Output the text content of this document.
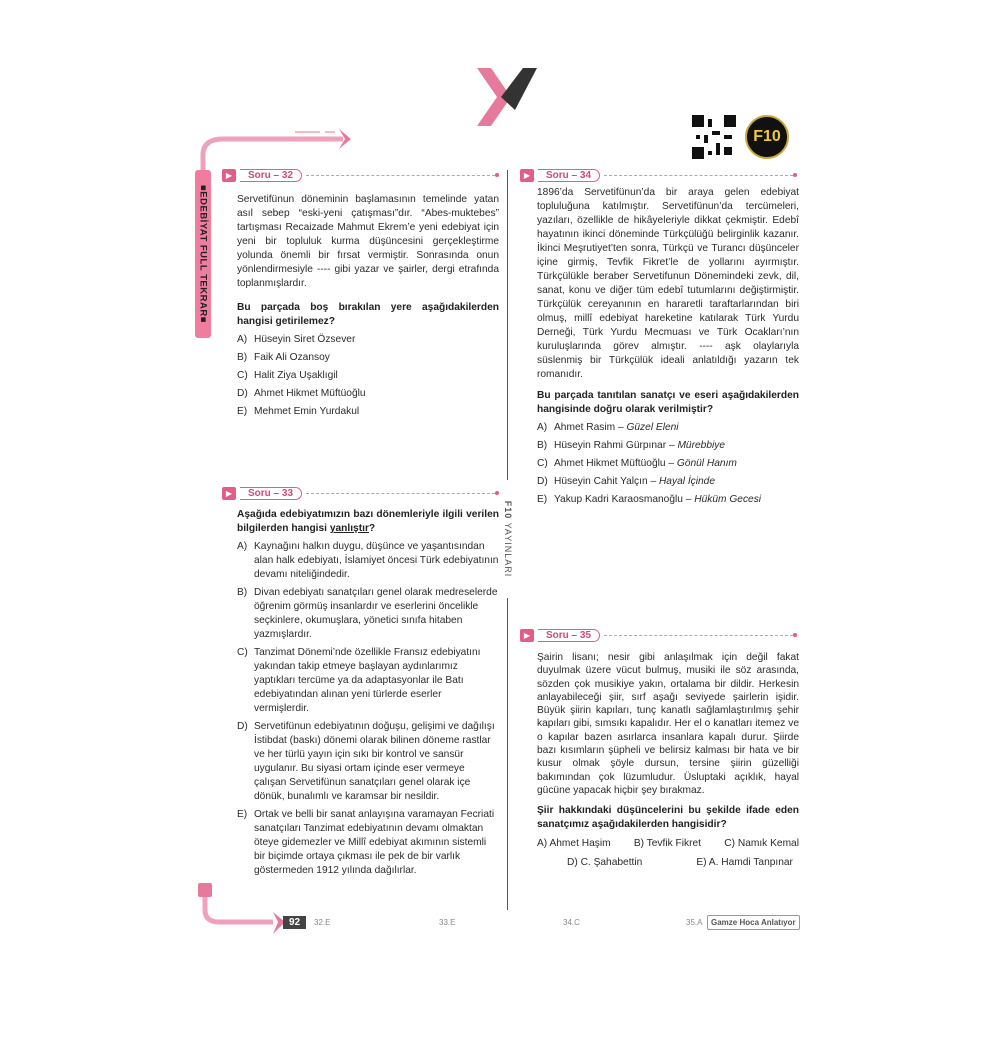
F10
■EDEBİYAT FULL TEKRAR■
F10 YAYINLARI
▶	Soru – 32
Servetifünun döneminin başlamasının temelinde yatan asıl sebep “eski-yeni çatışması”dır. “Abes-muktebes” tartışması Recaizade Mahmut Ekrem’e yeni edebiyat için yeni bir topluluk kurma düşüncesini gerçekleştirme yolunda önemli bir fırsat vermiştir. Sonrasında onun yönlendirmesiyle ---- gibi yazar ve şairler, dergi etrafında toplanmışlardır.
Bu parçada boş bırakılan yere aşağıdakilerden hangisi getirilemez?
A) Hüseyin Siret Özsever
B) Faik Ali Ozansoy
C) Halit Ziya Uşaklıgil
D) Ahmet Hikmet Müftüoğlu
E) Mehmet Emin Yurdakul
▶	Soru – 33
Aşağıda edebiyatımızın bazı dönemleriyle ilgili verilen bilgilerden hangisi yanlıştır?
A) Kaynağını halkın duygu, düşünce ve yaşantısından alan halk edebiyatı, İslamiyet öncesi Türk edebiyatının devamı niteliğindedir.
B) Divan edebiyatı sanatçıları genel olarak medreselerde öğrenim görmüş insanlardır ve eserlerini öncelikle seçkinlere, okumuşlara, yönetici sınıfa hitaben yazmışlardır.
C) Tanzimat Dönemi’nde özellikle Fransız edebiyatını yakından takip etmeye başlayan aydınlarımız yaptıkları tercüme ya da adaptasyonlar ile Batı edebiyatından alınan yeni türlerde eserler vermişlerdir.
D) Servetifünun edebiyatının doğuşu, gelişimi ve dağılışı İstibdat (baskı) dönemi olarak bilinen döneme rastlar ve her türlü yayın için sıkı bir kontrol ve sansür uygulanır. Bu siyasi ortam içinde eser vermeye çalışan Servetifünun sanatçıları genel olarak içe dönük, bunalımlı ve karamsar bir nesildir.
E) Ortak ve belli bir sanat anlayışına varamayan Fecriati sanatçıları Tanzimat edebiyatının devamı olmaktan öteye gidemezler ve Millî edebiyat akımının sistemli bir biçimde ortaya çıkması ile pek de bir varlık göstermeden 1912 yılında dağılırlar.
▶	Soru – 34
1896’da Servetifünun’da bir araya gelen edebiyat topluluğuna katılmıştır. Servetifünun’da tercümeleri, yazıları, özellikle de hikâyeleriyle dikkat çekmiştir. Edebî hayatının ikinci döneminde Türkçülüğü belirginlik kazanır. İkinci Meşrutiyet’ten sonra, Türkçü ve Turancı düşünceler içine girmiş, Tevfik Fikret’le de yollarını ayırmıştır. Türkçülükle beraber Servetifunun Dönemindeki zevk, dil, sanat, konu ve diğer tüm edebî tutumlarını değiştirmiştir. Türkçülük cereyanının en hararetli taraftarlarından biri olmuş, millî edebiyat hareketine katılarak Türk Yurdu Derneği, Türk Yurdu Mecmuası ve Türk Ocakları’nın kuruluşlarında görev almıştır. ---- aşk olaylarıyla süslenmiş bir Türkçülük ideali anlatıldığı yazarın tek romanıdır.
Bu parçada tanıtılan sanatçı ve eseri aşağıdakilerden hangisinde doğru olarak verilmiştir?
A) Ahmet Rasim – Güzel Eleni
B) Hüseyin Rahmi Gürpınar – Mürebbiye
C) Ahmet Hikmet Müftüoğlu – Gönül Hanım
D) Hüseyin Cahit Yalçın – Hayal İçinde
E) Yakup Kadri Karaosmanoğlu – Hüküm Gecesi
▶	Soru – 35
Şairin lisanı; nesir gibi anlaşılmak için değil fakat duyulmak üzere vücut bulmuş, musiki ile söz arasında, sözden çok musikiye yakın, ortalama bir dildir. Herkesin anlayabileceği şiir, sırf aşağı seviyede şairlerin işidir. Büyük şiirin kapıları, tunç kanatlı sağlamlaştırılmış şehir kapıları gibi, sımsıkı kapalıdır. Her el o kanatları itemez ve o kapılar bazen asırlarca insanlara kapalı durur. Şiirde bazı kısımların şüpheli ve belirsiz kalması bir hata ve bir kusur olmak şöyle dursun, tersine şiirin güzelliği bakımından çok lüzumludur. Üsluptaki açıklık, hayal gücüne yapacak hiçbir şey bırakmaz.
Şiir hakkındaki düşüncelerini bu şekilde ifade eden sanatçımız aşağıdakilerden hangisidir?
A) Ahmet Haşim B) Tevfik Fikret C) Namık Kemal
D) C. Şahabettin	E) A. Hamdi Tanpınar
92	32.E	33.E	34.C	35.A	Gamze Hoca Anlatıyor
